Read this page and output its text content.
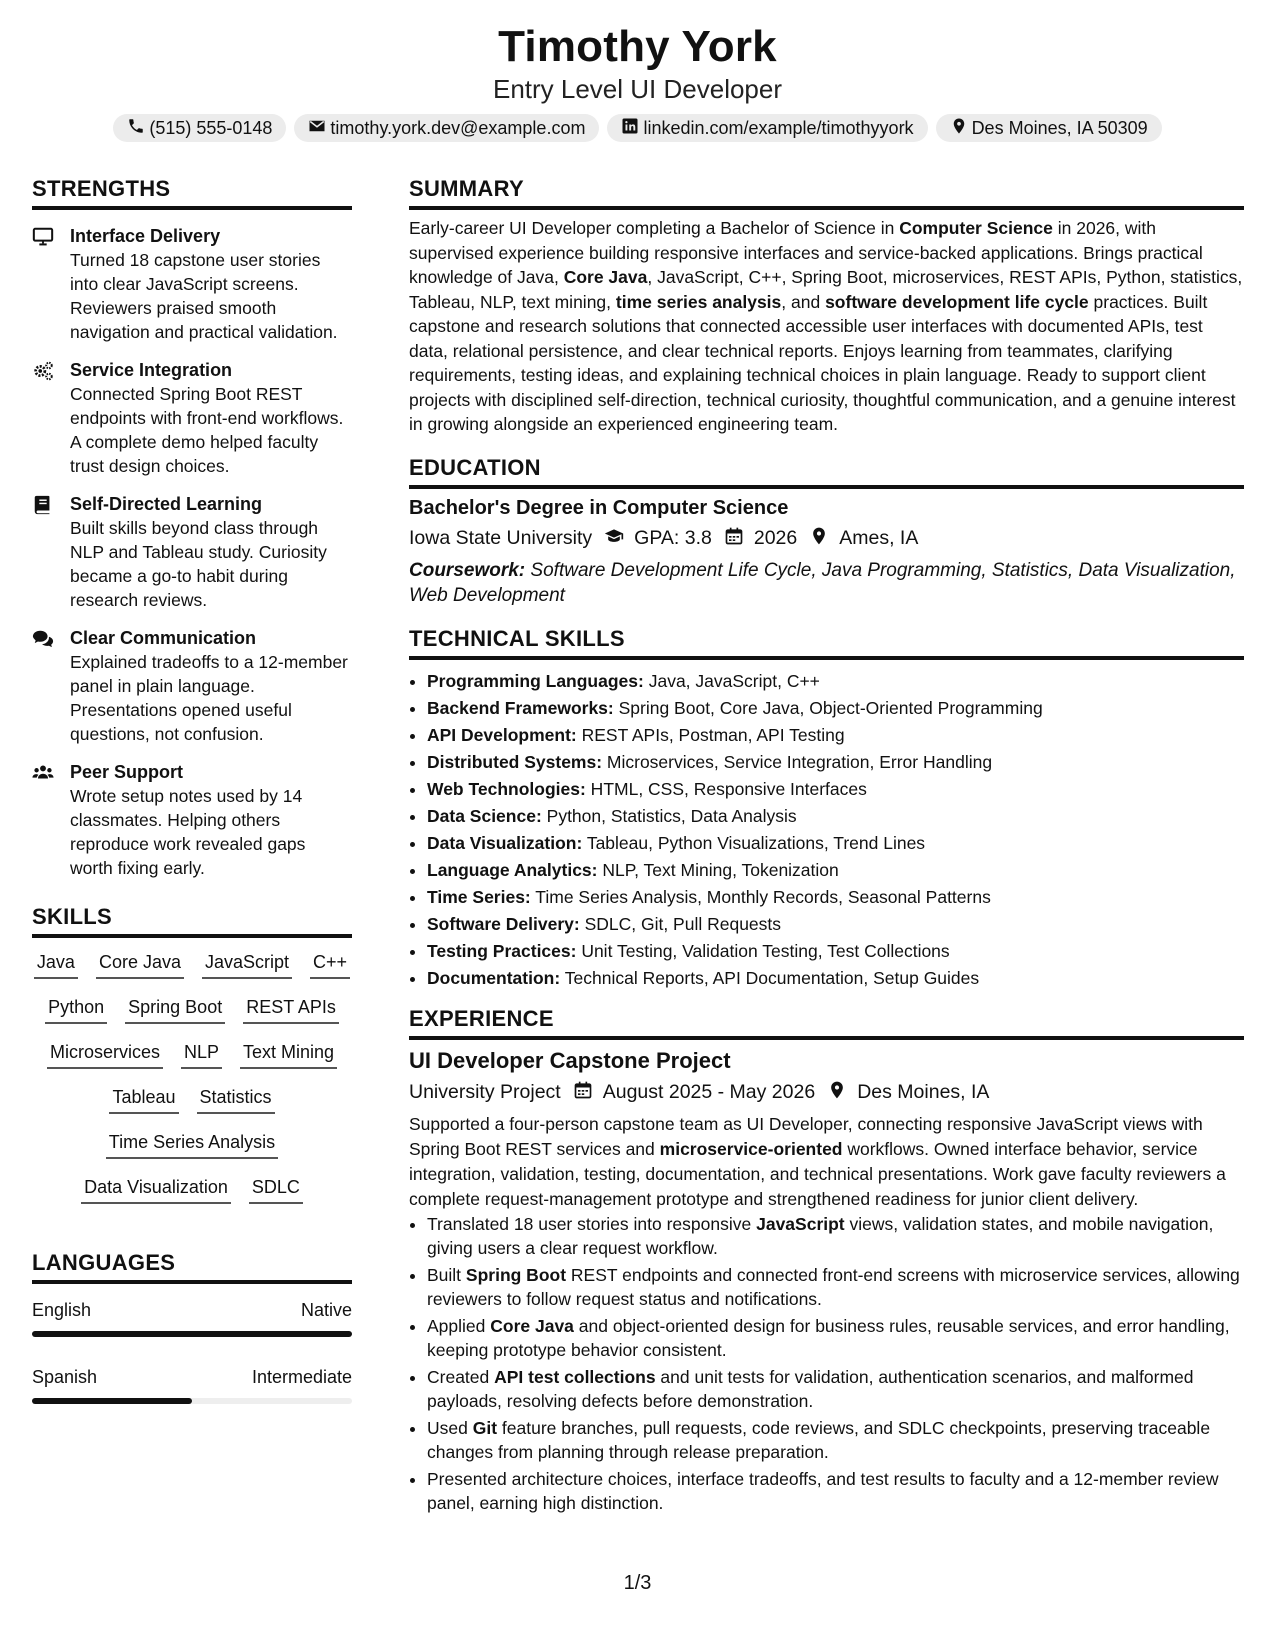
Timothy York
Entry Level UI Developer
(515) 555-0148	timothy.york.dev@example.com	linkedin.com/example/timothyyork	Des Moines, IA 50309
STRENGTHS
Interface Delivery
Turned 18 capstone user stories into clear JavaScript screens. Reviewers praised smooth navigation and practical validation.
Service Integration
Connected Spring Boot REST endpoints with front-end workflows. A complete demo helped faculty trust design choices.
Self-Directed Learning
Built skills beyond class through NLP and Tableau study. Curiosity became a go-to habit during research reviews.
Clear Communication
Explained tradeoffs to a 12-member panel in plain language. Presentations opened useful questions, not confusion.
Peer Support
Wrote setup notes used by 14 classmates. Helping others reproduce work revealed gaps worth fixing early.
SKILLS
Java Core Java JavaScript C++
Python Spring Boot REST APIs
Microservices NLP Text Mining
Tableau Statistics
Time Series Analysis
Data Visualization SDLC
LANGUAGES
English	Native
Spanish	Intermediate
SUMMARY
Early-career UI Developer completing a Bachelor of Science in Computer Science in 2026, with supervised experience building responsive interfaces and service-backed applications. Brings practical knowledge of Java, Core Java, JavaScript, C++, Spring Boot, microservices, REST APIs, Python, statistics, Tableau, NLP, text mining, time series analysis, and software development life cycle practices. Built capstone and research solutions that connected accessible user interfaces with documented APIs, test data, relational persistence, and clear technical reports. Enjoys learning from teammates, clarifying requirements, testing ideas, and explaining technical choices in plain language. Ready to support client projects with disciplined self-direction, technical curiosity, thoughtful communication, and a genuine interest in growing alongside an experienced engineering team.
EDUCATION
Bachelor's Degree in Computer Science
Iowa State University GPA: 3.8 2026 Ames, IA
Coursework: Software Development Life Cycle, Java Programming, Statistics, Data Visualization, Web Development
TECHNICAL SKILLS
• Programming Languages: Java, JavaScript, C++
• Backend Frameworks: Spring Boot, Core Java, Object-Oriented Programming
• API Development: REST APIs, Postman, API Testing
• Distributed Systems: Microservices, Service Integration, Error Handling
• Web Technologies: HTML, CSS, Responsive Interfaces
• Data Science: Python, Statistics, Data Analysis
• Data Visualization: Tableau, Python Visualizations, Trend Lines
• Language Analytics: NLP, Text Mining, Tokenization
• Time Series: Time Series Analysis, Monthly Records, Seasonal Patterns
• Software Delivery: SDLC, Git, Pull Requests
• Testing Practices: Unit Testing, Validation Testing, Test Collections
• Documentation: Technical Reports, API Documentation, Setup Guides
EXPERIENCE
UI Developer Capstone Project
University Project August 2025 - May 2026 Des Moines, IA
Supported a four-person capstone team as UI Developer, connecting responsive JavaScript views with Spring Boot REST services and microservice-oriented workflows. Owned interface behavior, service integration, validation, testing, documentation, and technical presentations. Work gave faculty reviewers a complete request-management prototype and strengthened readiness for junior client delivery.
• Translated 18 user stories into responsive JavaScript views, validation states, and mobile navigation, giving users a clear request workflow.
• Built Spring Boot REST endpoints and connected front-end screens with microservice services, allowing reviewers to follow request status and notifications.
• Applied Core Java and object-oriented design for business rules, reusable services, and error handling, keeping prototype behavior consistent.
• Created API test collections and unit tests for validation, authentication scenarios, and malformed payloads, resolving defects before demonstration.
• Used Git feature branches, pull requests, code reviews, and SDLC checkpoints, preserving traceable changes from planning through release preparation.
• Presented architecture choices, interface tradeoffs, and test results to faculty and a 12-member review panel, earning high distinction.
1/3
